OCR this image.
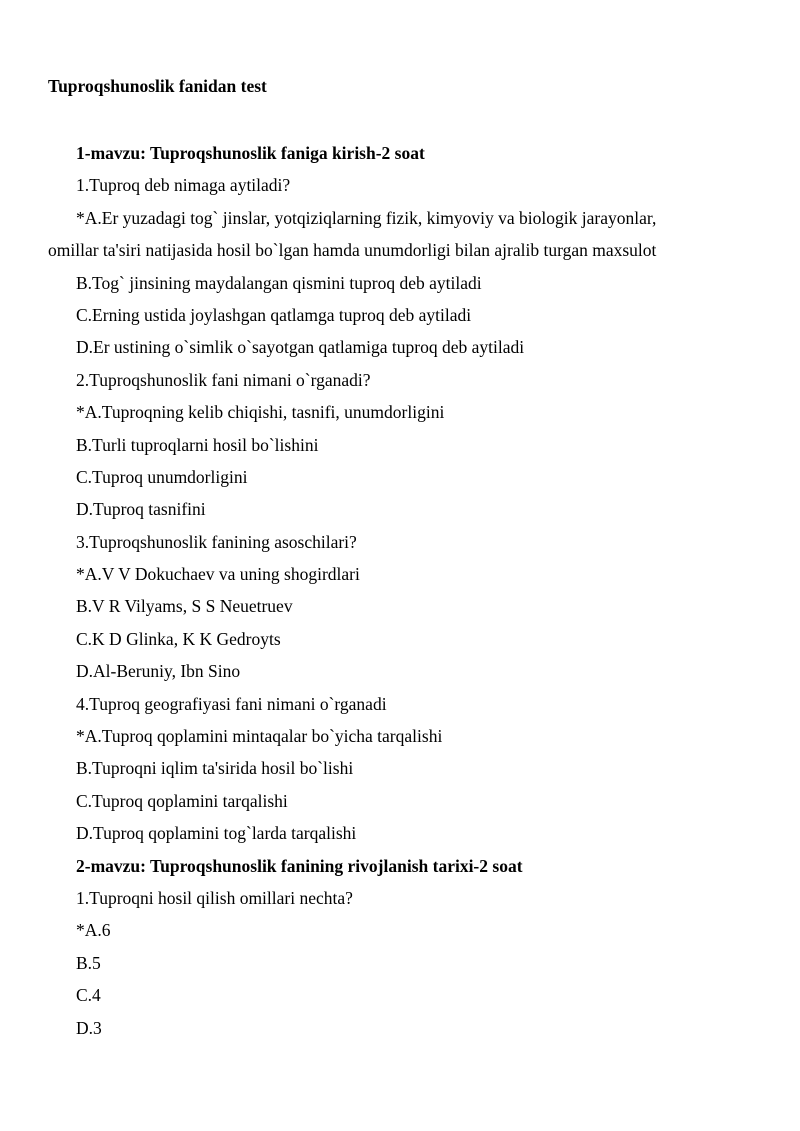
Tuproqshunoslik fanidan test
1-mavzu: Tuproqshunoslik faniga kirish-2 soat
1.Tuproq deb nimaga aytiladi?
*A.Er yuzadagi tog` jinslar, yotqiziqlarning fizik, kimyoviy va biologik jarayonlar,
omillar ta'siri natijasida hosil bo`lgan hamda unumdorligi bilan ajralib turgan maxsulot
B.Tog` jinsining maydalangan qismini tuproq deb aytiladi
C.Erning ustida joylashgan qatlamga tuproq deb aytiladi
D.Er ustining o`simlik o`sayotgan qatlamiga tuproq deb aytiladi
2.Tuproqshunoslik fani nimani o`rganadi?
*A.Tuproqning kelib chiqishi, tasnifi, unumdorligini
B.Turli tuproqlarni hosil bo`lishini
C.Tuproq unumdorligini
D.Tuproq tasnifini
3.Tuproqshunoslik fanining asoschilari?
*A.V V Dokuchaev va uning shogirdlari
B.V R Vilyams, S S Neuetruev
C.K D Glinka, K K Gedroyts
D.Al-Beruniy, Ibn Sino
4.Tuproq geografiyasi fani nimani o`rganadi
*A.Tuproq qoplamini mintaqalar bo`yicha tarqalishi
B.Tuproqni iqlim ta'sirida hosil bo`lishi
C.Tuproq qoplamini tarqalishi
D.Tuproq qoplamini tog`larda tarqalishi
2-mavzu: Tuproqshunoslik fanining rivojlanish tarixi-2 soat
1.Tuproqni hosil qilish omillari nechta?
*A.6
B.5
C.4
D.3
